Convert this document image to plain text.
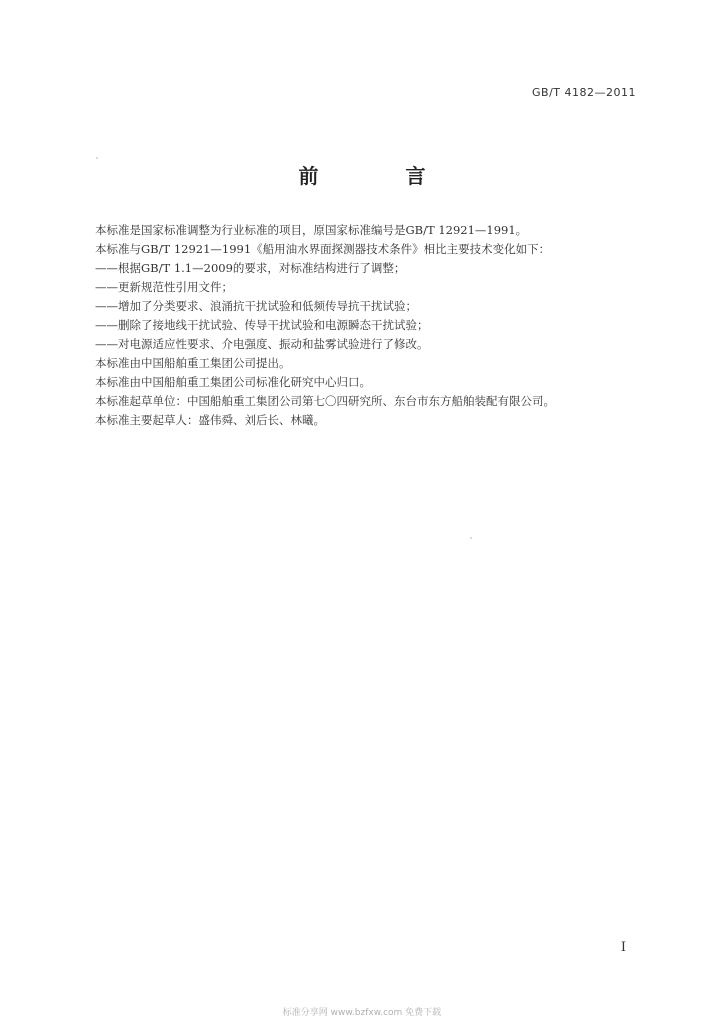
GB/T 4182—2011
前 言
本标准是国家标准调整为行业标准的项目，原国家标准编号是GB/T 12921—1991。
本标准与GB/T 12921—1991《船用油水界面探测器技术条件》相比主要技术变化如下：
——根据GB/T 1.1—2009的要求，对标准结构进行了调整；
——更新规范性引用文件；
——增加了分类要求、浪涌抗干扰试验和低频传导抗干扰试验；
——删除了接地线干扰试验、传导干扰试验和电源瞬态干扰试验；
——对电源适应性要求、介电强度、振动和盐雾试验进行了修改。
本标准由中国船舶重工集团公司提出。
本标准由中国船舶重工集团公司标准化研究中心归口。
本标准起草单位：中国船舶重工集团公司第七〇四研究所、东台市东方船舶装配有限公司。
本标准主要起草人：盛伟舜、刘后长、林曦。
I
标准分享网 www.bzfxw.com 免费下载
